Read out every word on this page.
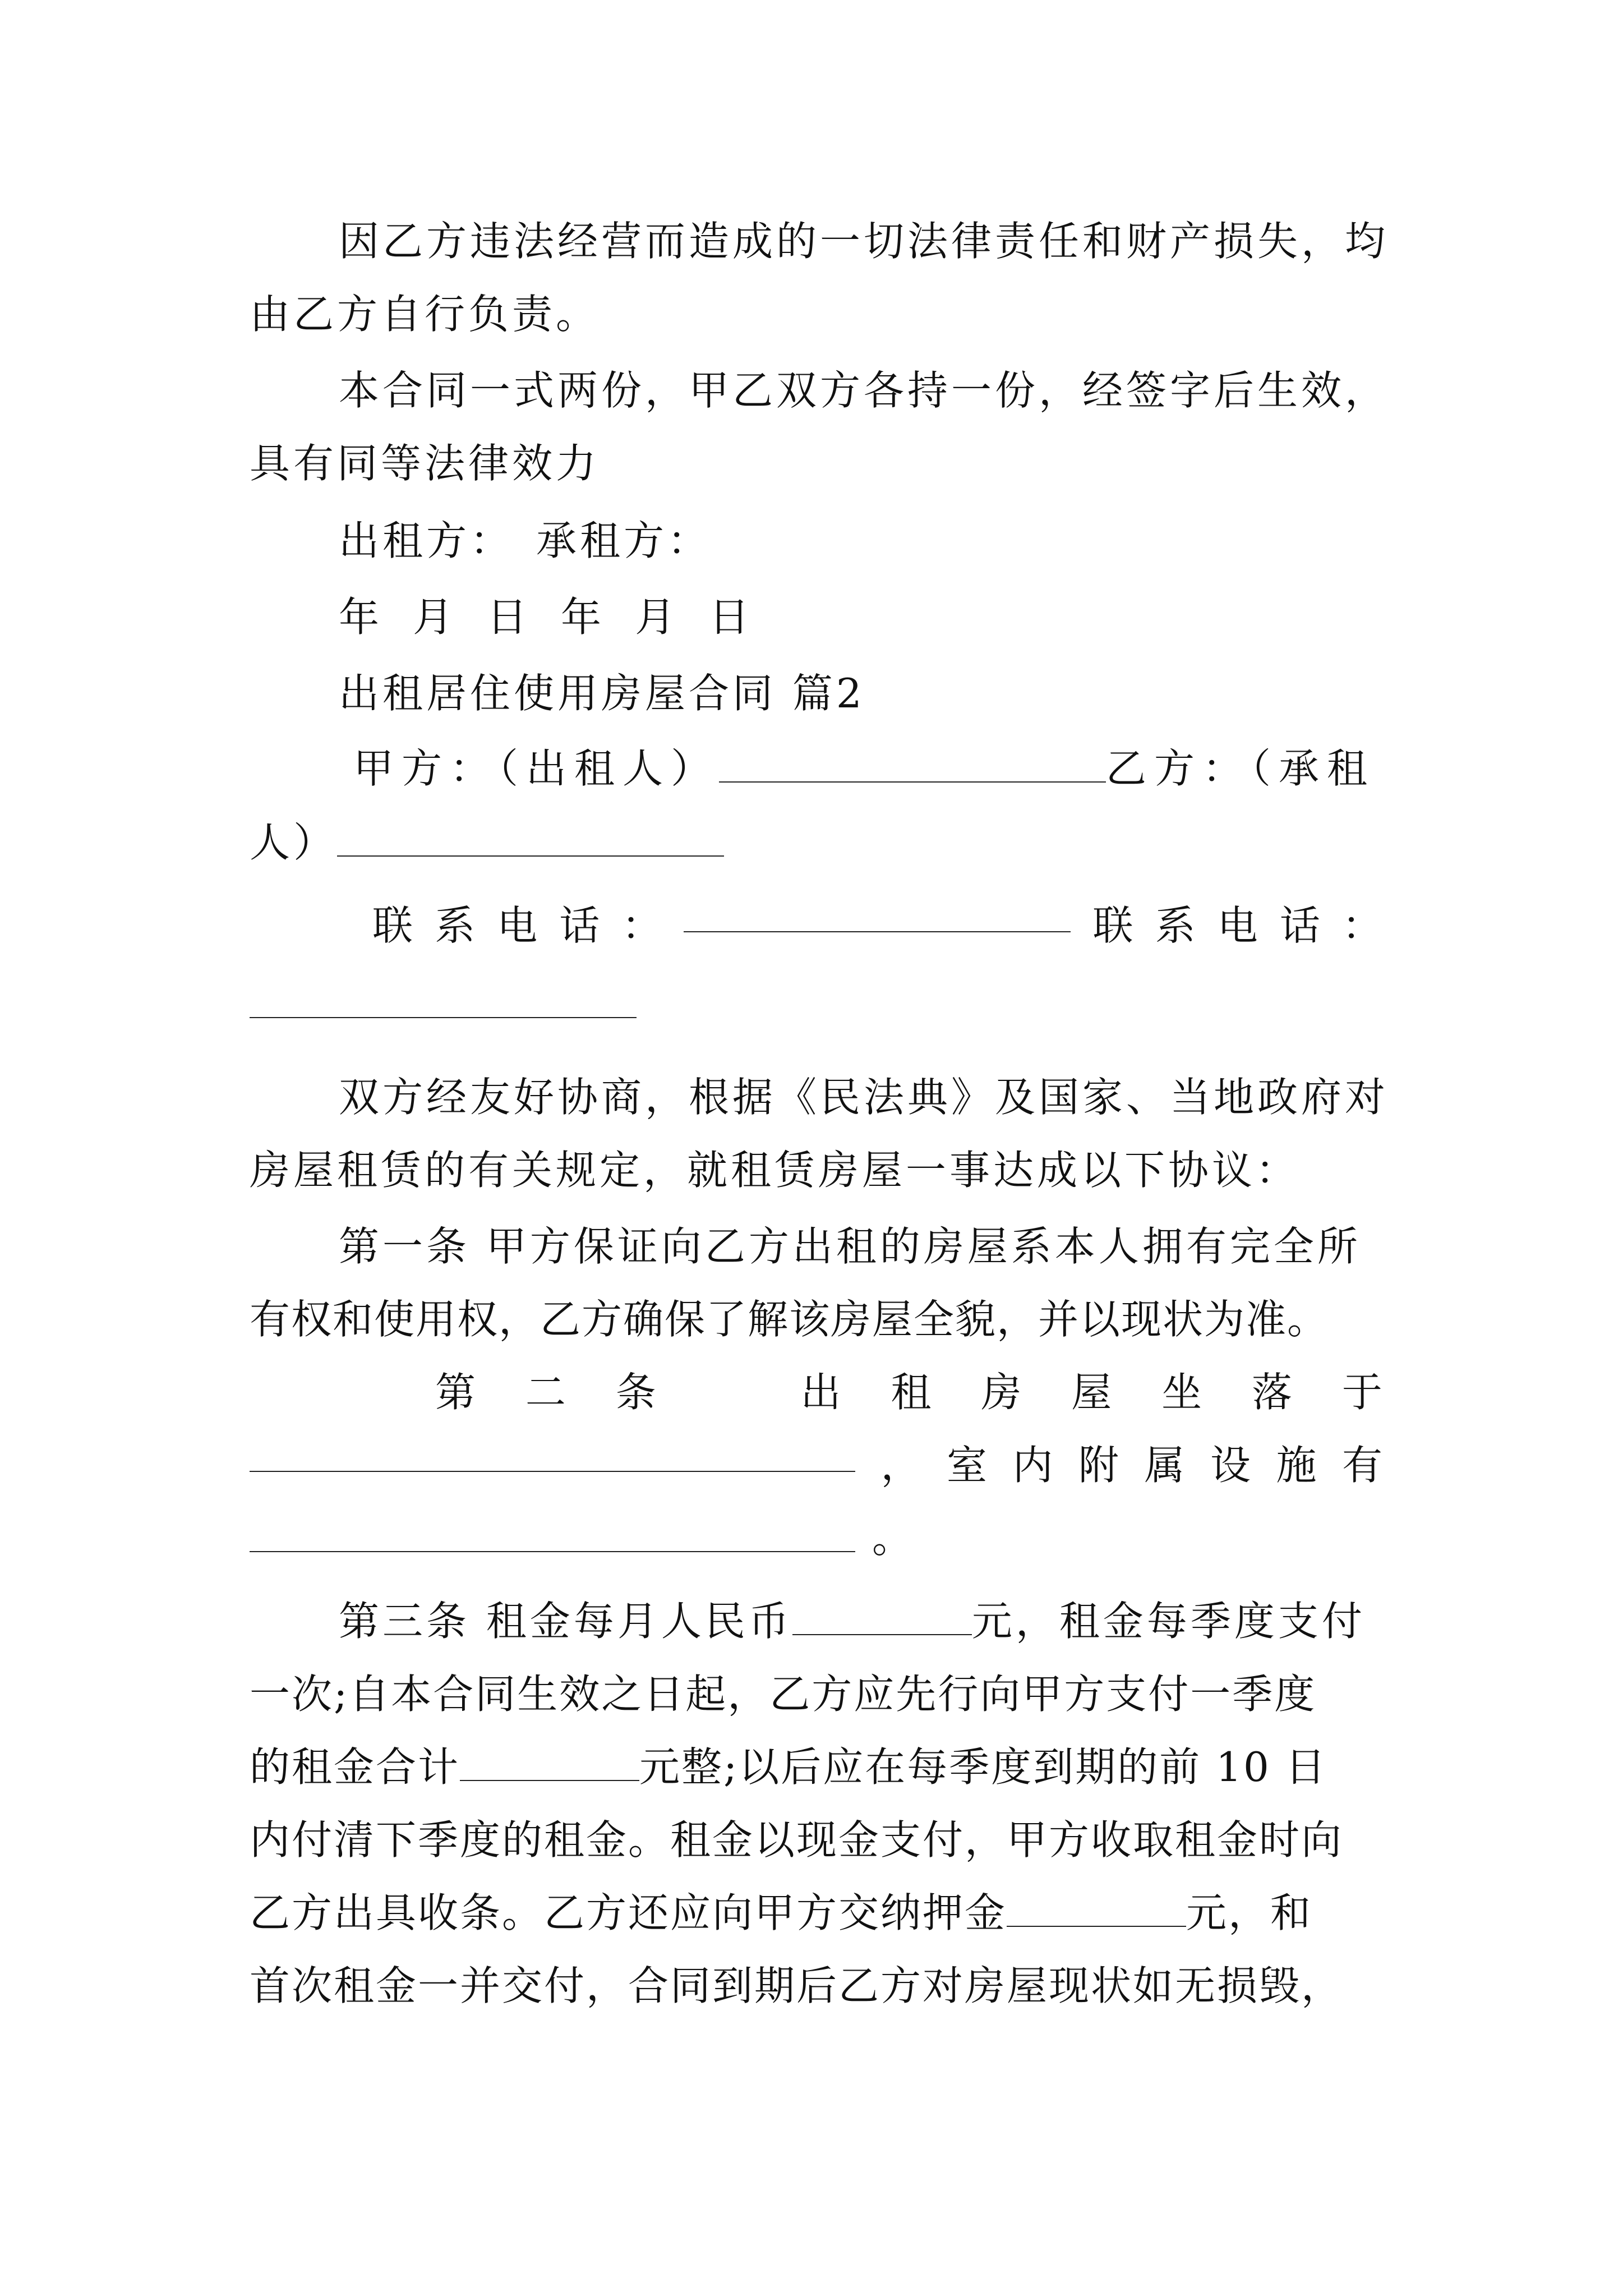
因乙方违法经营而造成的一切法律责任和财产损失，均
由乙方自行负责。
本合同一式两份，甲乙双方各持一份，经签字后生效，
具有同等法律效力
出租方： 承租方：
年 月 日 年 月 日
出租居住使用房屋合同 篇2
甲方：（出租人）	乙方：（承租
人）
联 系 电 话 ：	联 系 电 话 ：
双方经友好协商，根据《民法典》及国家、当地政府对
房屋租赁的有关规定，就租赁房屋一事达成以下协议：
第一条 甲方保证向乙方出租的房屋系本人拥有完全所
有权和使用权，乙方确保了解该房屋全貌，并以现状为准。
第 二 条	出 租 房 屋 坐 落 于
， 室 内 附 属 设 施 有
。
第三条 租金每月人民币	元，租金每季度支付
一次;自本合同生效之日起，乙方应先行向甲方支付一季度
的租金合计	元整;以后应在每季度到期的前 10 日
内付清下季度的租金。租金以现金支付，甲方收取租金时向
乙方出具收条。乙方还应向甲方交纳押金	元，和
首次租金一并交付，合同到期后乙方对房屋现状如无损毁，
